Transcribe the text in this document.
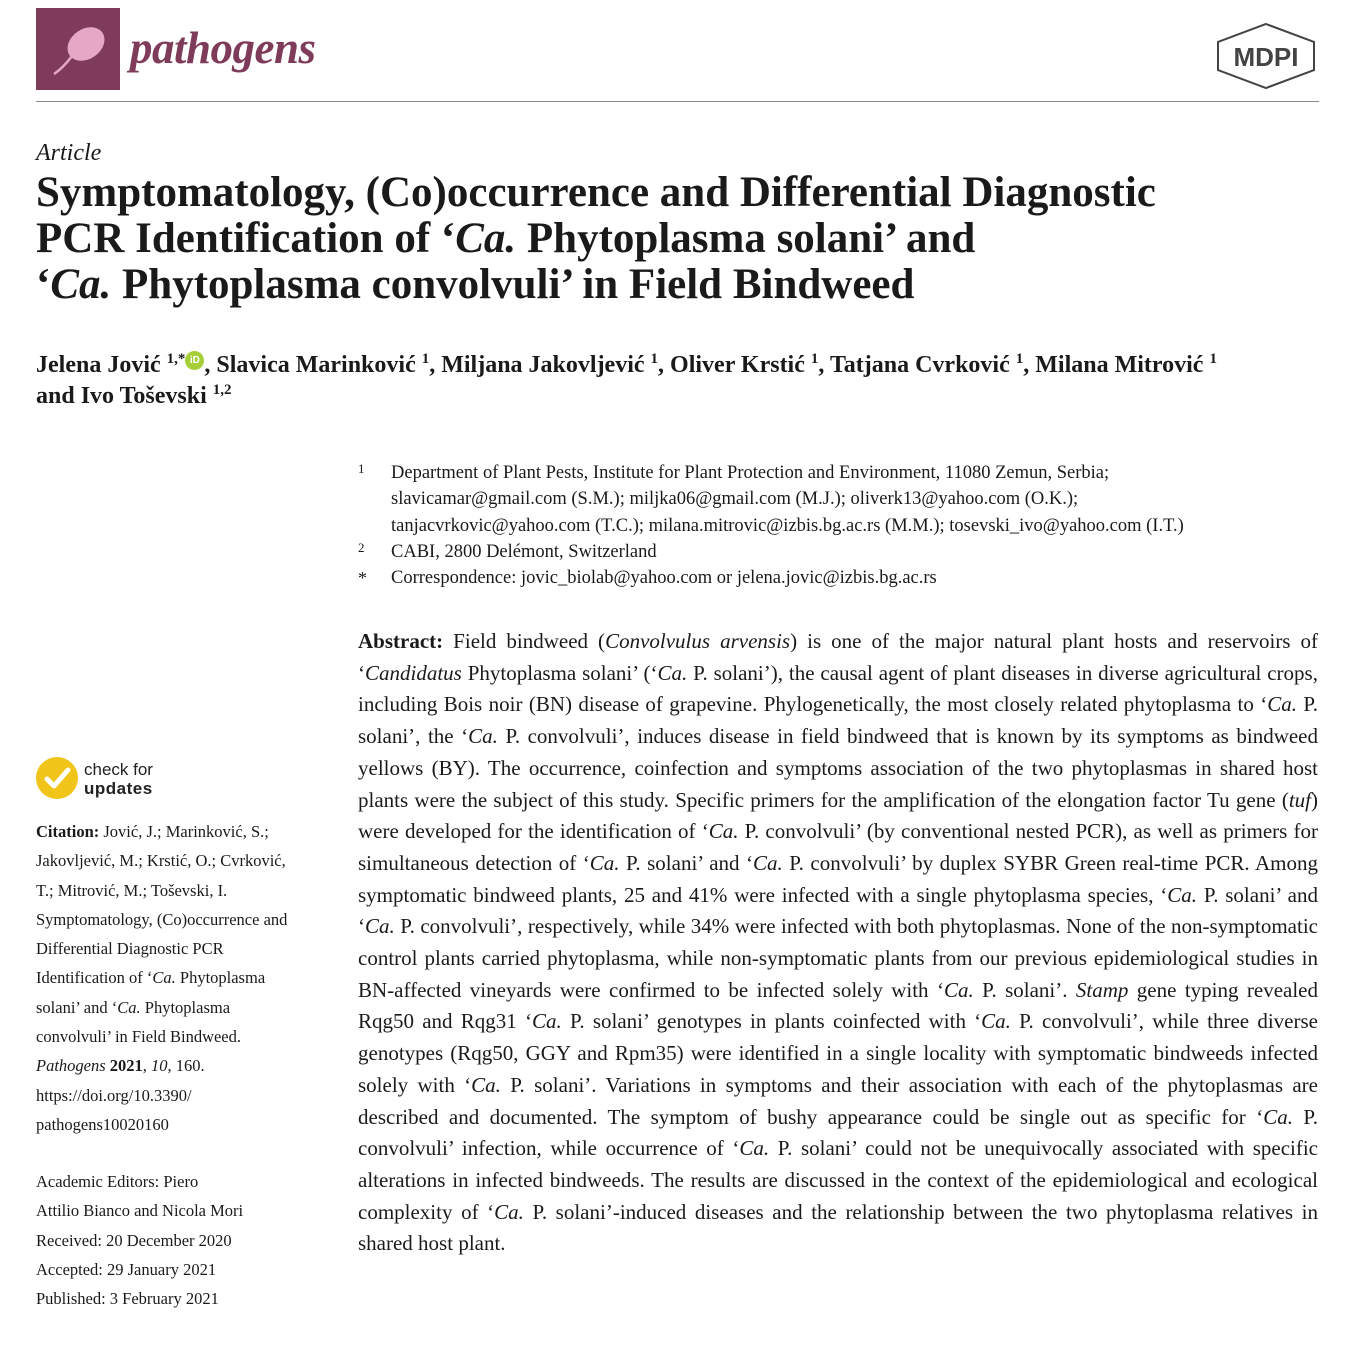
pathogens	MDPI
Article
Symptomatology, (Co)occurrence and Differential Diagnostic
PCR Identification of ‘Ca. Phytoplasma solani’ and
‘Ca. Phytoplasma convolvuli’ in Field Bindweed
Jelena Jović $^{1,*}$ iD , Slavica Marinković $^1$, Miljana Jakovljević $^1$, Oliver Krstić $^1$, Tatjana Cvrković $^1$, Milana Mitrović $^1$
and Ivo Toševski $^{1,2}$
1 Department of Plant Pests, Institute for Plant Protection and Environment, 11080 Zemun, Serbia;
slavicamar@gmail.com (S.M.); miljka06@gmail.com (M.J.); oliverk13@yahoo.com (O.K.);
tanjacvrkovic@yahoo.com (T.C.); milana.mitrovic@izbis.bg.ac.rs (M.M.); tosevski_ivo@yahoo.com (I.T.)
2 CABI, 2800 Delémont, Switzerland
* Correspondence: jovic_biolab@yahoo.com or jelena.jovic@izbis.bg.ac.rs
Abstract: Field bindweed (Convolvulus arvensis) is one of the major natural plant hosts and reservoirs of ‘Candidatus Phytoplasma solani’ (‘Ca. P. solani’), the causal agent of plant diseases in diverse agricultural crops, including Bois noir (BN) disease of grapevine. Phylogenetically, the most closely related phytoplasma to ‘Ca. P. solani’, the ‘Ca. P. convolvuli’, induces disease in field bindweed that is known by its symptoms as bindweed yellows (BY). The occurrence, coinfection and symptoms association of the two phytoplasmas in shared host plants were the subject of this study. Specific primers for the amplification of the elongation factor Tu gene (tuf) were developed for the identification of ‘Ca. P. convolvuli’ (by conventional nested PCR), as well as primers for simultaneous detection of ‘Ca. P. solani’ and ‘Ca. P. convolvuli’ by duplex SYBR Green real-time PCR. Among symptomatic bindweed plants, 25 and 41% were infected with a single phytoplasma species, ‘Ca. P. solani’ and ‘Ca. P. convolvuli’, respectively, while 34% were infected with both phytoplasmas. None of the non-symptomatic control plants carried phytoplasma, while non-symptomatic plants from our previous epidemiological studies in BN-affected vineyards were confirmed to be infected solely with ‘Ca. P. solani’. Stamp gene typing revealed Rqg50 and Rqg31 ‘Ca. P. solani’ genotypes in plants coinfected with ‘Ca. P. convolvuli’, while three diverse genotypes (Rqg50, GGY and Rpm35) were identified in a single locality with symptomatic bindweeds infected solely with ‘Ca. P. solani’. Variations in symptoms and their association with each of the phytoplasmas are described and documented. The symptom of bushy appearance could be single out as specific for ‘Ca. P. convolvuli’ infection, while occurrence of ‘Ca. P. solani’ could not be unequivocally associated with specific alterations in infected bindweeds. The results are discussed in the context of the epidemiological and ecological complexity of ‘Ca. P. solani’-induced diseases and the relationship between the two phytoplasma relatives in shared host plant.
check for
updates
Citation: Jović, J.; Marinković, S.;
Jakovljević, M.; Krstić, O.; Cvrković,
T.; Mitrović, M.; Toševski, I.
Symptomatology, (Co)occurrence and
Differential Diagnostic PCR
Identification of ‘Ca. Phytoplasma
solani’ and ‘Ca. Phytoplasma
convolvuli’ in Field Bindweed.
Pathogens 2021, 10, 160.
https://doi.org/10.3390/
pathogens10020160
Academic Editors: Piero
Attilio Bianco and Nicola Mori
Received: 20 December 2020
Accepted: 29 January 2021
Published: 3 February 2021
